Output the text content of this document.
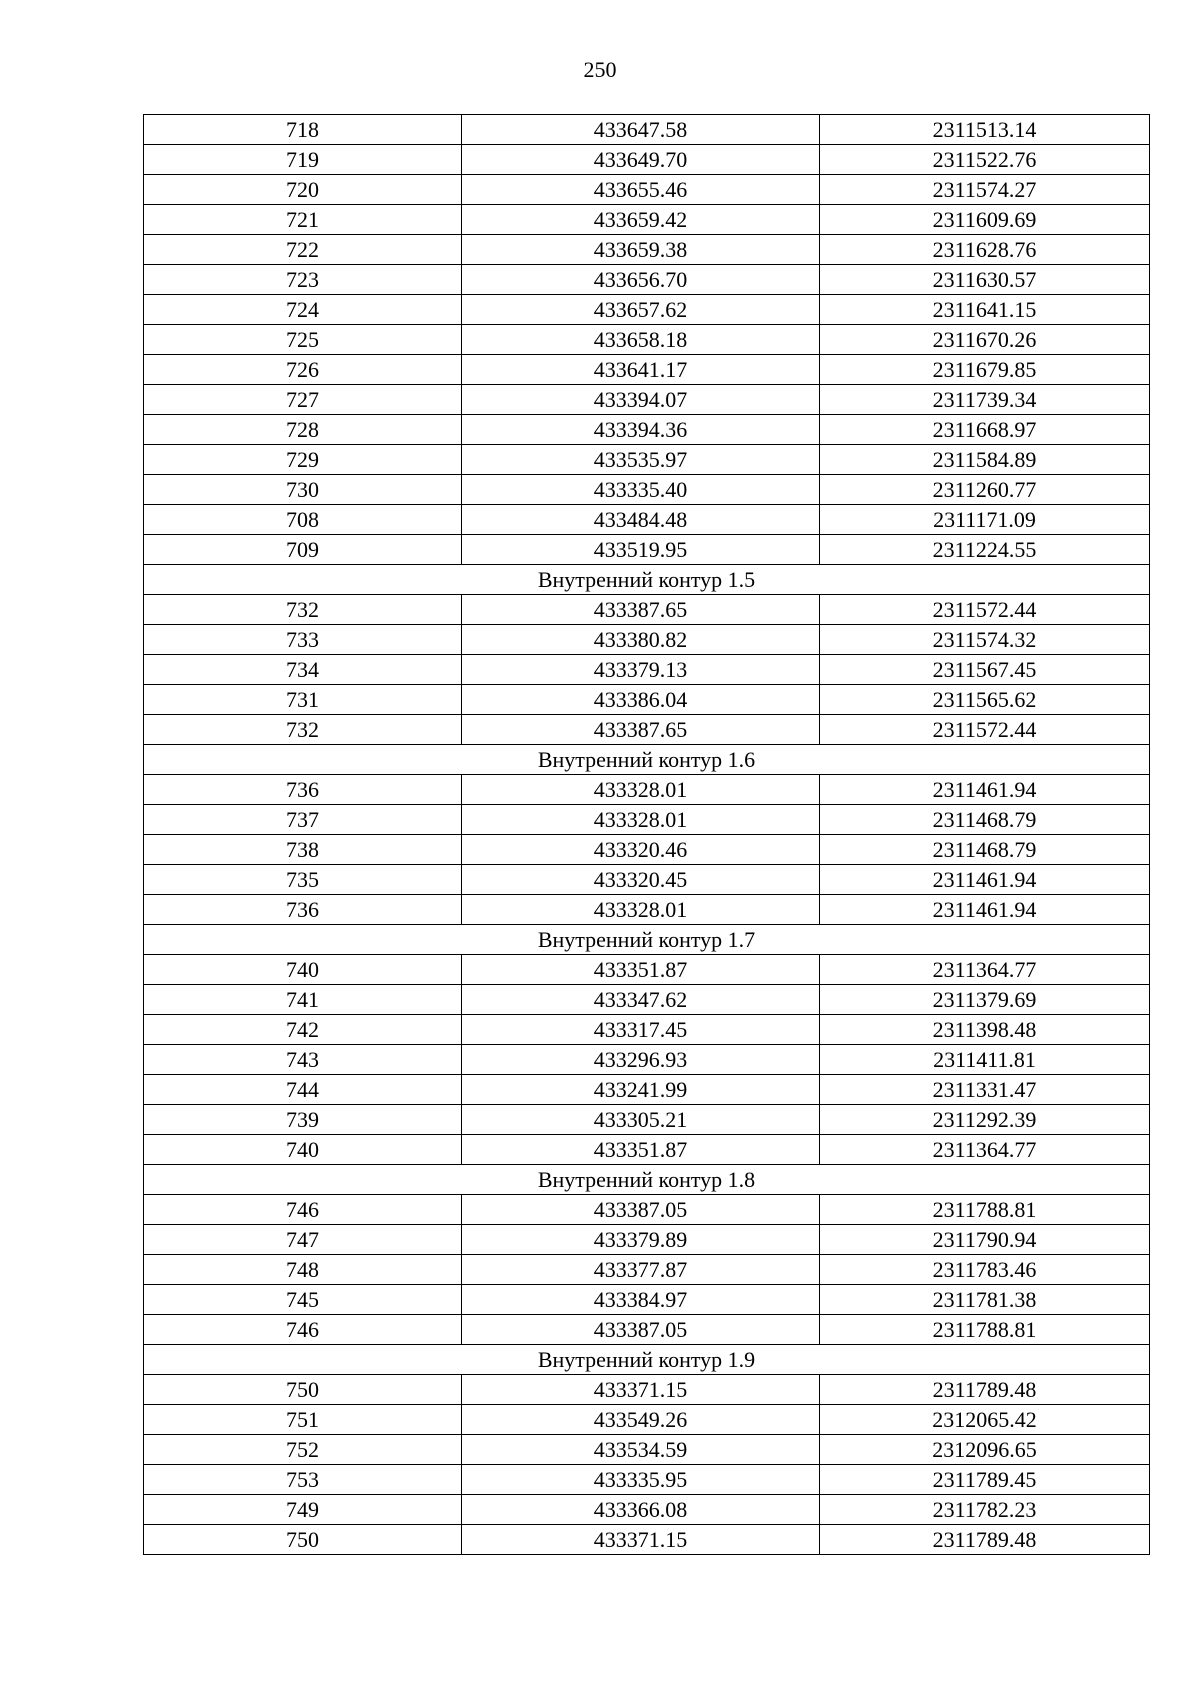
250
718	433647.58	2311513.14
719	433649.70	2311522.76
720	433655.46	2311574.27
721	433659.42	2311609.69
722	433659.38	2311628.76
723	433656.70	2311630.57
724	433657.62	2311641.15
725	433658.18	2311670.26
726	433641.17	2311679.85
727	433394.07	2311739.34
728	433394.36	2311668.97
729	433535.97	2311584.89
730	433335.40	2311260.77
708	433484.48	2311171.09
709	433519.95	2311224.55
Внутренний контур 1.5		
732	433387.65	2311572.44
733	433380.82	2311574.32
734	433379.13	2311567.45
731	433386.04	2311565.62
732	433387.65	2311572.44
Внутренний контур 1.6		
736	433328.01	2311461.94
737	433328.01	2311468.79
738	433320.46	2311468.79
735	433320.45	2311461.94
736	433328.01	2311461.94
Внутренний контур 1.7		
740	433351.87	2311364.77
741	433347.62	2311379.69
742	433317.45	2311398.48
743	433296.93	2311411.81
744	433241.99	2311331.47
739	433305.21	2311292.39
740	433351.87	2311364.77
Внутренний контур 1.8		
746	433387.05	2311788.81
747	433379.89	2311790.94
748	433377.87	2311783.46
745	433384.97	2311781.38
746	433387.05	2311788.81
Внутренний контур 1.9		
750	433371.15	2311789.48
751	433549.26	2312065.42
752	433534.59	2312096.65
753	433335.95	2311789.45
749	433366.08	2311782.23
750	433371.15	2311789.48
